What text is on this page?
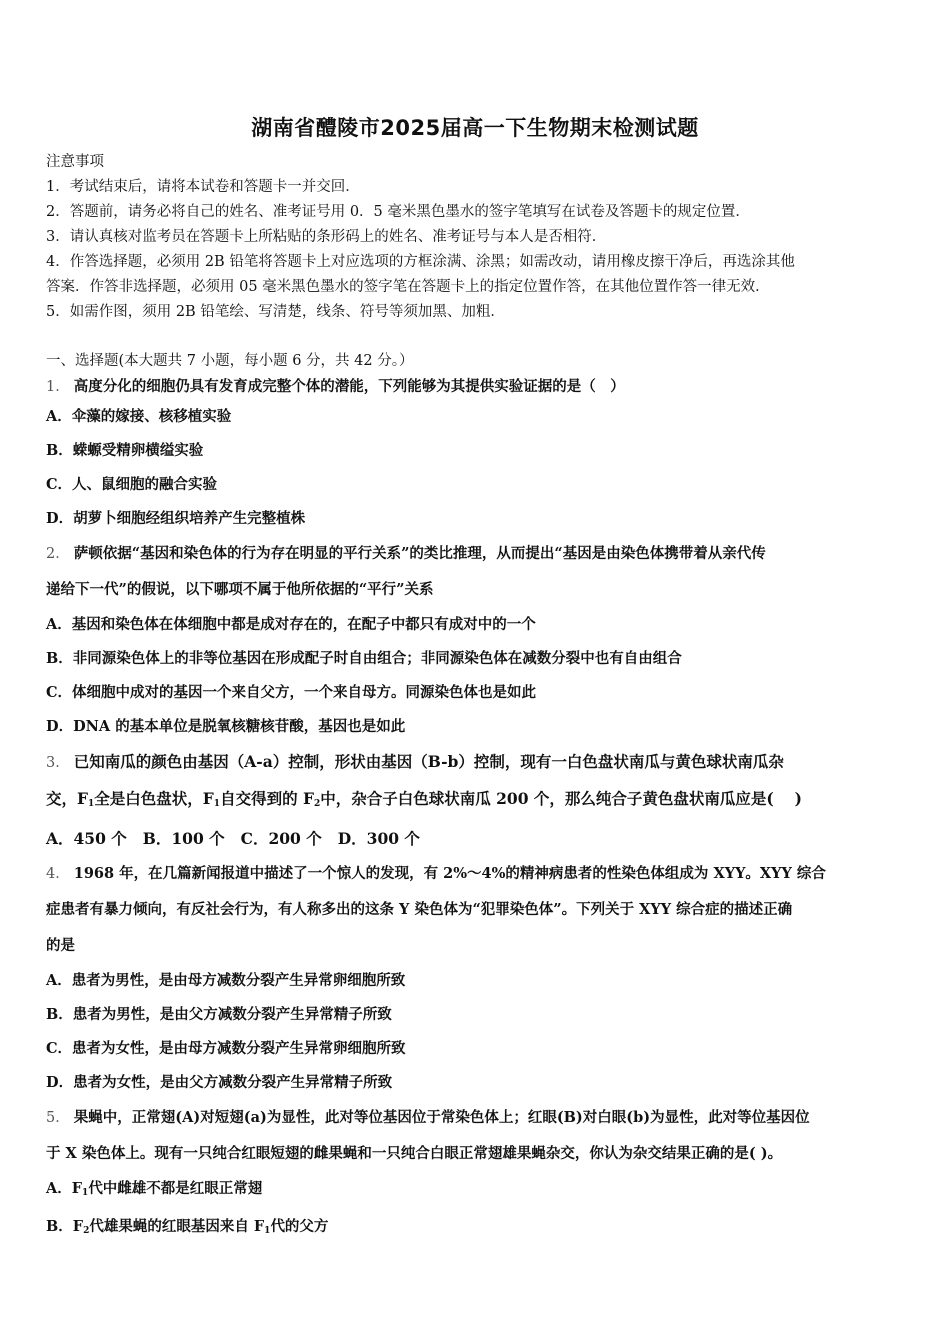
湖南省醴陵市2025届高一下生物期末检测试题
注意事项
1．考试结束后，请将本试卷和答题卡一并交回．
2．答题前，请务必将自己的姓名、准考证号用 0．5 毫米黑色墨水的签字笔填写在试卷及答题卡的规定位置．
3．请认真核对监考员在答题卡上所粘贴的条形码上的姓名、准考证号与本人是否相符．
4．作答选择题，必须用 2B 铅笔将答题卡上对应选项的方框涂满、涂黑；如需改动，请用橡皮擦干净后，再选涂其他
答案．作答非选择题，必须用 05 毫米黑色墨水的签字笔在答题卡上的指定位置作答，在其他位置作答一律无效．
5．如需作图，须用 2B 铅笔绘、写清楚，线条、符号等须加黑、加粗．
一、选择题(本大题共 7 小题，每小题 6 分，共 42 分。）
1． 高度分化的细胞仍具有发育成完整个体的潜能，下列能够为其提供实验证据的是（　）
A．伞藻的嫁接、核移植实验
B．蝾螈受精卵横缢实验
C．人、鼠细胞的融合实验
D．胡萝卜细胞经组织培养产生完整植株
2． 萨顿依据“基因和染色体的行为存在明显的平行关系”的类比推理，从而提出“基因是由染色体携带着从亲代传
递给下一代”的假说，以下哪项不属于他所依据的“平行”关系
A．基因和染色体在体细胞中都是成对存在的，在配子中都只有成对中的一个
B．非同源染色体上的非等位基因在形成配子时自由组合；非同源染色体在减数分裂中也有自由组合
C．体细胞中成对的基因一个来自父方，一个来自母方。同源染色体也是如此
D．DNA 的基本单位是脱氧核糖核苷酸，基因也是如此
3． 已知南瓜的颜色由基因（A-a）控制，形状由基因（B-b）控制，现有一白色盘状南瓜与黄色球状南瓜杂
交，$F_1$全是白色盘状，$F_1$自交得到的 $F_2$中，杂合子白色球状南瓜 200 个，那么纯合子黄色盘状南瓜应是(　 )
A．450 个 B．100 个 C．200 个 D．300 个
4． 1968 年，在几篇新闻报道中描述了一个惊人的发现，有 2%～4%的精神病患者的性染色体组成为 XYY。XYY 综合
症患者有暴力倾向，有反社会行为，有人称多出的这条 Y 染色体为“犯罪染色体”。下列关于 XYY 综合症的描述正确
的是
A．患者为男性，是由母方减数分裂产生异常卵细胞所致
B．患者为男性，是由父方减数分裂产生异常精子所致
C．患者为女性，是由母方减数分裂产生异常卵细胞所致
D．患者为女性，是由父方减数分裂产生异常精子所致
5． 果蝇中，正常翅(A)对短翅(a)为显性，此对等位基因位于常染色体上；红眼(B)对白眼(b)为显性，此对等位基因位
于 X 染色体上。现有一只纯合红眼短翅的雌果蝇和一只纯合白眼正常翅雄果蝇杂交，你认为杂交结果正确的是( )。
A．$F_1$代中雌雄不都是红眼正常翅
B．$F_2$代雄果蝇的红眼基因来自 $F_1$代的父方
